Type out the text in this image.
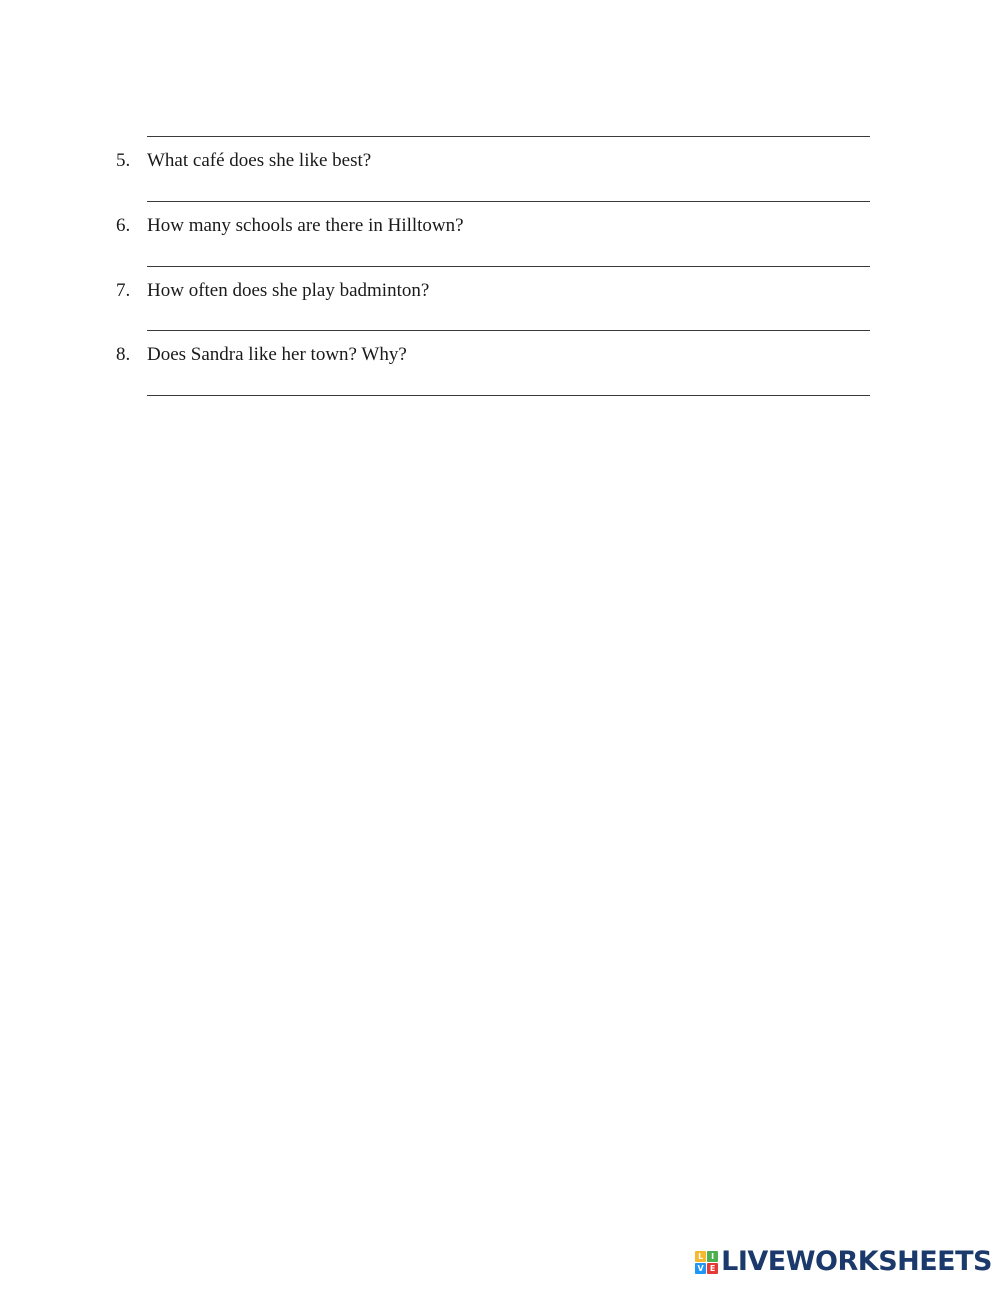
5. What café does she like best?
6. How many schools are there in Hilltown?
7. How often does she play badminton?
8. Does Sandra like her town? Why?
L I
V E LIVEWORKSHEETS
